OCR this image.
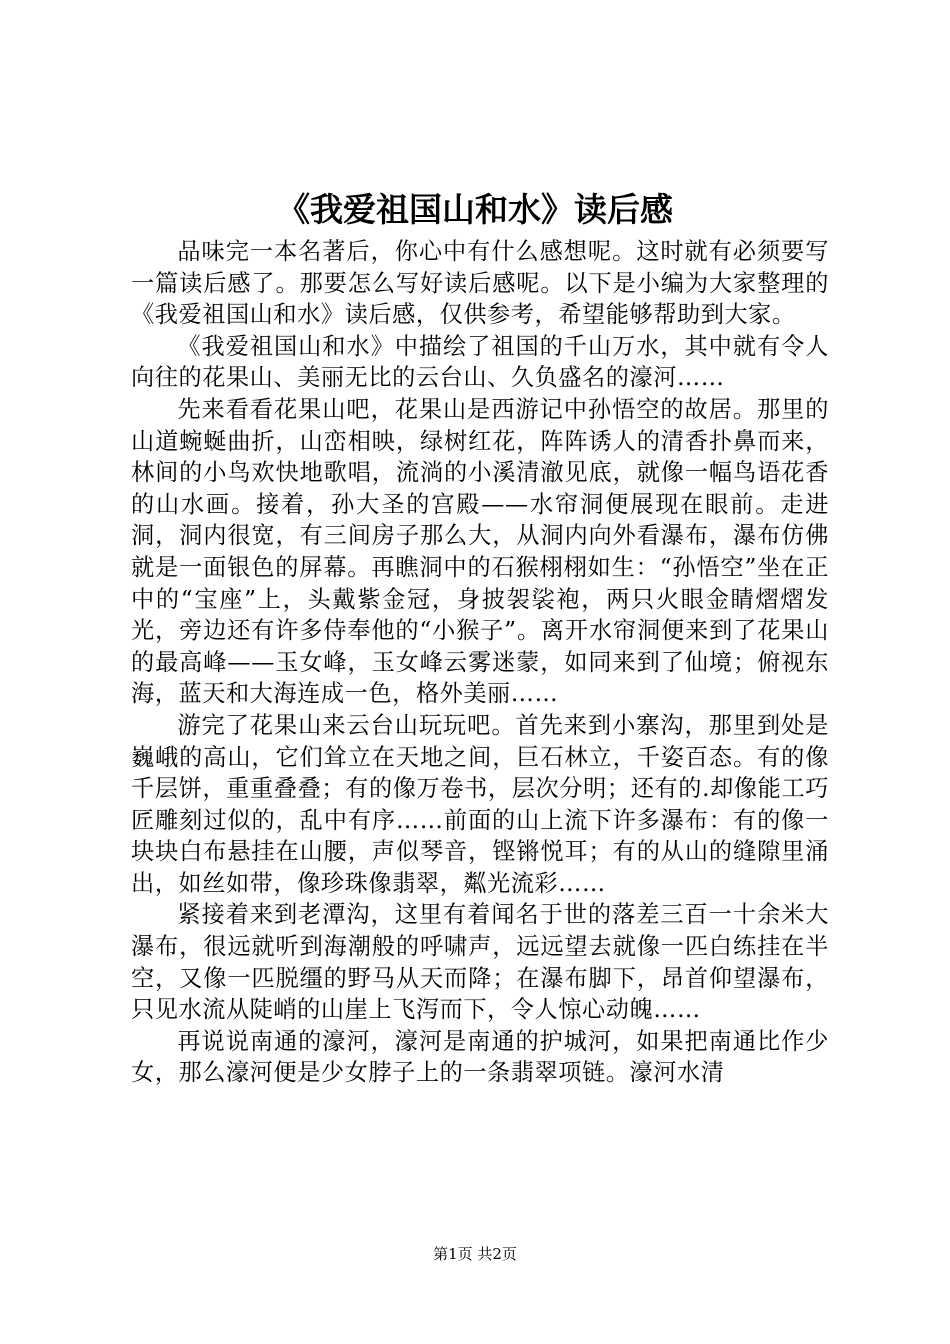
《我爱祖国山和水》读后感

品味完一本名著后，你心中有什么感想呢。这时就有必须要写一篇读后感了。那要怎么写好读后感呢。以下是小编为大家整理的《我爱祖国山和水》读后感，仅供参考，希望能够帮助到大家。

《我爱祖国山和水》中描绘了祖国的千山万水，其中就有令人向往的花果山、美丽无比的云台山、久负盛名的濠河……

先来看看花果山吧，花果山是西游记中孙悟空的故居。那里的山道蜿蜒曲折，山峦相映，绿树红花，阵阵诱人的清香扑鼻而来，林间的小鸟欢快地歌唱，流淌的小溪清澈见底，就像一幅鸟语花香的山水画。接着，孙大圣的宫殿——水帘洞便展现在眼前。走进洞，洞内很宽，有三间房子那么大，从洞内向外看瀑布，瀑布仿佛就是一面银色的屏幕。再瞧洞中的石猴栩栩如生：“孙悟空”坐在正中的“宝座”上，头戴紫金冠，身披袈裟袍，两只火眼金睛熠熠发光，旁边还有许多侍奉他的“小猴子”。离开水帘洞便来到了花果山的最高峰——玉女峰，玉女峰云雾迷蒙，如同来到了仙境；俯视东海，蓝天和大海连成一色，格外美丽……

游完了花果山来云台山玩玩吧。首先来到小寨沟，那里到处是巍峨的高山，它们耸立在天地之间，巨石林立，千姿百态。有的像千层饼，重重叠叠；有的像万卷书，层次分明；还有的.却像能工巧匠雕刻过似的，乱中有序……前面的山上流下许多瀑布：有的像一块块白布悬挂在山腰，声似琴音，铿锵悦耳；有的从山的缝隙里涌出，如丝如带，像珍珠像翡翠，粼光流彩……

紧接着来到老潭沟，这里有着闻名于世的落差三百一十余米大瀑布，很远就听到海潮般的呼啸声，远远望去就像一匹白练挂在半空，又像一匹脱缰的野马从天而降；在瀑布脚下，昂首仰望瀑布，只见水流从陡峭的山崖上飞泻而下，令人惊心动魄……

再说说南通的濠河，濠河是南通的护城河，如果把南通比作少女，那么濠河便是少女脖子上的一条翡翠项链。濠河水清

第1页 共2页
